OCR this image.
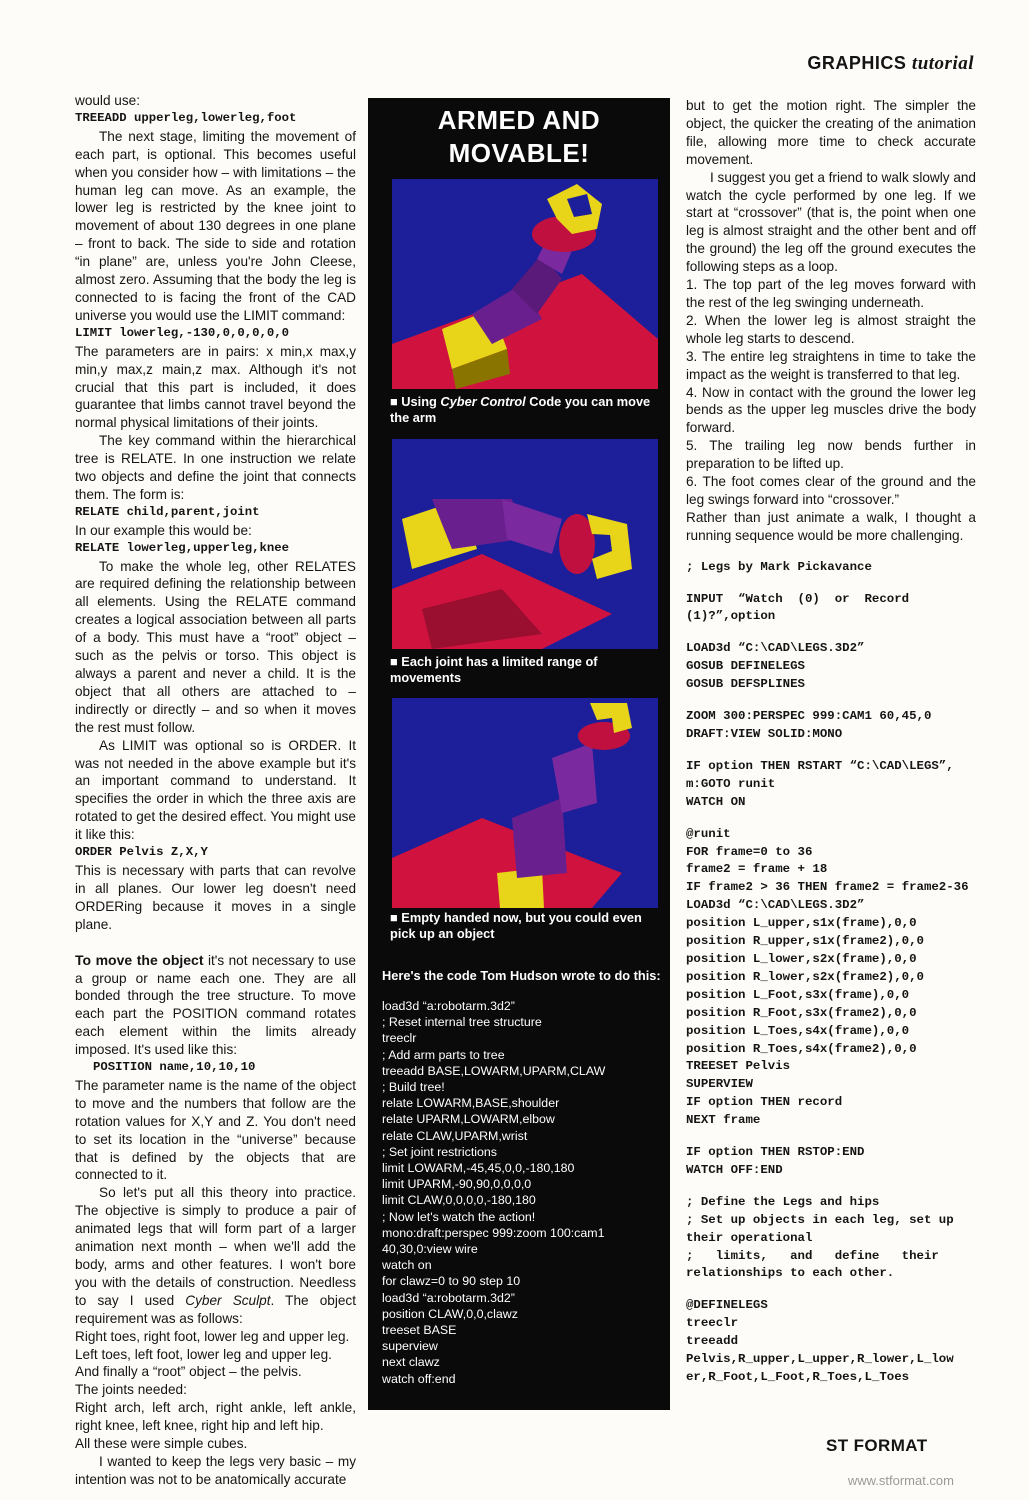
GRAPHICS tutorial

would use:

TREEADD upperleg,lowerleg,foot

The next stage, limiting the movement of each part, is optional. This becomes useful when you consider how – with limitations – the human leg can move. As an example, the lower leg is restricted by the knee joint to movement of about 130 degrees in one plane – front to back. The side to side and rotation “in plane” are, unless you're John Cleese, almost zero. Assuming that the body the leg is connected to is facing the front of the CAD universe you would use the LIMIT command:

LIMIT lowerleg,-130,0,0,0,0,0

The parameters are in pairs: x min,x max,y min,y max,z main,z max. Although it's not crucial that this part is included, it does guarantee that limbs cannot travel beyond the normal physical limitations of their joints.

The key command within the hierarchical tree is RELATE. In one instruction we relate two objects and define the joint that connects them. The form is:

RELATE child,parent,joint

In our example this would be:

RELATE lowerleg,upperleg,knee

To make the whole leg, other RELATES are required defining the relationship between all elements. Using the RELATE command creates a logical association between all parts of a body. This must have a “root” object – such as the pelvis or torso. This object is always a parent and never a child. It is the object that all others are attached to – indirectly or directly – and so when it moves the rest must follow.

As LIMIT was optional so is ORDER. It was not needed in the above example but it's an important command to understand. It specifies the order in which the three axis are rotated to get the desired effect. You might use it like this:

ORDER Pelvis Z,X,Y

This is necessary with parts that can revolve in all planes. Our lower leg doesn't need ORDERing because it moves in a single plane.

To move the object it's not necessary to use a group or name each one. They are all bonded through the tree structure. To move each part the POSITION command rotates each element within the limits already imposed. It's used like this:

POSITION name,10,10,10

The parameter name is the name of the object to move and the numbers that follow are the rotation values for X,Y and Z. You don't need to set its location in the “universe” because that is defined by the objects that are connected to it.

So let's put all this theory into practice. The objective is simply to produce a pair of animated legs that will form part of a larger animation next month – when we'll add the body, arms and other features. I won't bore you with the details of construction. Needless to say I used Cyber Sculpt. The object requirement was as follows:

Right toes, right foot, lower leg and upper leg.

Left toes, left foot, lower leg and upper leg.

And finally a “root” object – the pelvis.

The joints needed:

Right arch, left arch, right ankle, left ankle, right knee, left knee, right hip and left hip.

All these were simple cubes.

I wanted to keep the legs very basic – my intention was not to be anatomically accurate

ARMED AND
MOVABLE!
■ Using Cyber Control Code you can move the arm
■ Each joint has a limited range of movements
■ Empty handed now, but you could even pick up an object

Here's the code Tom Hudson wrote to do this:

load3d “a:robotarm.3d2”

; Reset internal tree structure

treeclr

; Add arm parts to tree

treeadd BASE,LOWARM,UPARM,CLAW

; Build tree!

relate LOWARM,BASE,shoulder

relate UPARM,LOWARM,elbow

relate CLAW,UPARM,wrist

; Set joint restrictions

limit LOWARM,-45,45,0,0,-180,180

limit UPARM,-90,90,0,0,0,0

limit CLAW,0,0,0,0,-180,180

; Now let's watch the action!

mono:draft:perspec 999:zoom 100:cam1 40,30,0:view wire

watch on

for clawz=0 to 90 step 10

load3d “a:robotarm.3d2”

position CLAW,0,0,clawz

treeset BASE

superview

next clawz

watch off:end

but to get the motion right. The simpler the object, the quicker the creating of the animation file, allowing more time to check accurate movement.

I suggest you get a friend to walk slowly and watch the cycle performed by one leg. If we start at “crossover” (that is, the point when one leg is almost straight and the other bent and off the ground) the leg off the ground executes the following steps as a loop.

1. The top part of the leg moves forward with the rest of the leg swinging underneath.

2. When the lower leg is almost straight the whole leg starts to descend.

3. The entire leg straightens in time to take the impact as the weight is transferred to that leg.

4. Now in contact with the ground the lower leg bends as the upper leg muscles drive the body forward.

5. The trailing leg now bends further in preparation to be lifted up.

6. The foot comes clear of the ground and the leg swings forward into “crossover.”

Rather than just animate a walk, I thought a running sequence would be more challenging.

; Legs by Mark Pickavance
INPUT  “Watch  (0)  or  Record (1)?”,option
LOAD3d “C:\CAD\LEGS.3D2”
GOSUB DEFINELEGS
GOSUB DEFSPLINES
ZOOM 300:PERSPEC 999:CAM1 60,45,0
DRAFT:VIEW SOLID:MONO
IF option THEN RSTART “C:\CAD\LEGS”, m:GOTO runit
WATCH ON
@runit
FOR frame=0 to 36
frame2 = frame + 18
IF frame2 > 36 THEN frame2 = frame2-36
LOAD3d “C:\CAD\LEGS.3D2”
position L_upper,s1x(frame),0,0
position R_upper,s1x(frame2),0,0
position L_lower,s2x(frame),0,0
position R_lower,s2x(frame2),0,0
position L_Foot,s3x(frame),0,0
position R_Foot,s3x(frame2),0,0
position L_Toes,s4x(frame),0,0
position R_Toes,s4x(frame2),0,0
TREESET Pelvis
SUPERVIEW
IF option THEN record
NEXT frame
IF option THEN RSTOP:END
WATCH OFF:END
; Define the Legs and hips
; Set up objects in each leg, set up their operational
;   limits,   and   define   their relationships to each other.
@DEFINELEGS
treeclr
treeadd
Pelvis,R_upper,L_upper,R_lower,L_low er,R_Foot,L_Foot,R_Toes,L_Toes
ST FORMAT
www.stformat.com
